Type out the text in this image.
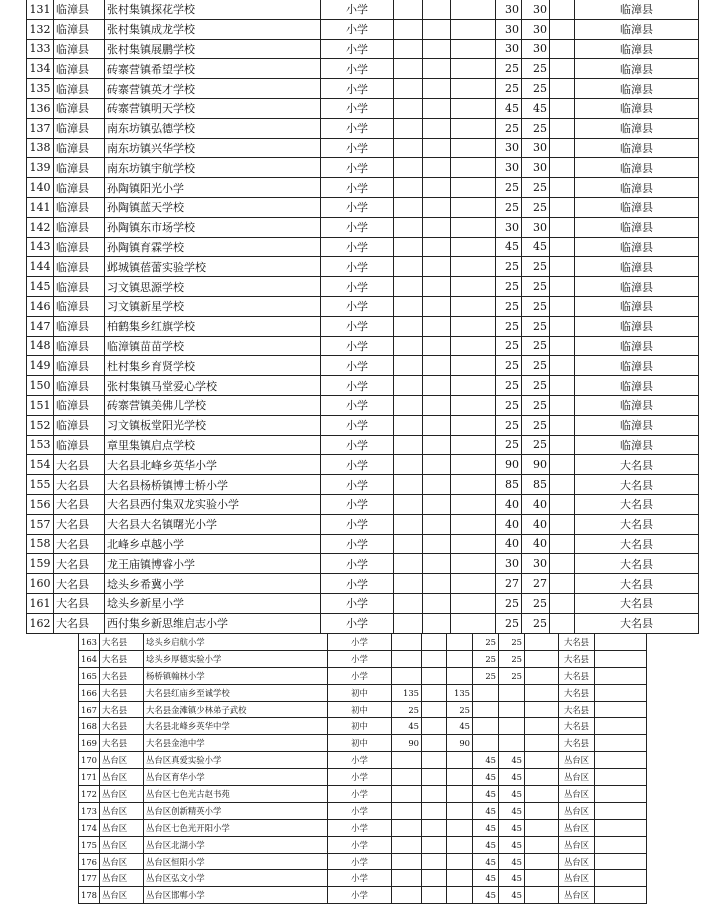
131	临漳县	张村集镇探花学校	小学				30	30		临漳县
132	临漳县	张村集镇成龙学校	小学				30	30		临漳县
133	临漳县	张村集镇展鹏学校	小学				30	30		临漳县
134	临漳县	砖寨营镇希望学校	小学				25	25		临漳县
135	临漳县	砖寨营镇英才学校	小学				25	25		临漳县
136	临漳县	砖寨营镇明天学校	小学				45	45		临漳县
137	临漳县	南东坊镇弘德学校	小学				25	25		临漳县
138	临漳县	南东坊镇兴华学校	小学				30	30		临漳县
139	临漳县	南东坊镇宇航学校	小学				30	30		临漳县
140	临漳县	孙陶镇阳光小学	小学				25	25		临漳县
141	临漳县	孙陶镇蓝天学校	小学				25	25		临漳县
142	临漳县	孙陶镇东市场学校	小学				30	30		临漳县
143	临漳县	孙陶镇育霖学校	小学				45	45		临漳县
144	临漳县	邺城镇蓓蕾实验学校	小学				25	25		临漳县
145	临漳县	习文镇思源学校	小学				25	25		临漳县
146	临漳县	习文镇新星学校	小学				25	25		临漳县
147	临漳县	柏鹤集乡红旗学校	小学				25	25		临漳县
148	临漳县	临漳镇苗苗学校	小学				25	25		临漳县
149	临漳县	杜村集乡育贤学校	小学				25	25		临漳县
150	临漳县	张村集镇马堂爱心学校	小学				25	25		临漳县
151	临漳县	砖寨营镇美佛儿学校	小学				25	25		临漳县
152	临漳县	习文镇板堂阳光学校	小学				25	25		临漳县
153	临漳县	章里集镇启点学校	小学				25	25		临漳县
154	大名县	大名县北峰乡英华小学	小学				90	90		大名县
155	大名县	大名县杨桥镇博士桥小学	小学				85	85		大名县
156	大名县	大名县西付集双龙实验小学	小学				40	40		大名县
157	大名县	大名县大名镇曙光小学	小学				40	40		大名县
158	大名县	北峰乡卓越小学	小学				40	40		大名县
159	大名县	龙王庙镇博睿小学	小学				30	30		大名县
160	大名县	埝头乡希冀小学	小学				27	27		大名县
161	大名县	埝头乡新星小学	小学				25	25		大名县
162	大名县	西付集乡新思维启志小学	小学				25	25		大名县
163	大名县	埝头乡启航小学	小学				25	25		大名县	
164	大名县	埝头乡厚德实验小学	小学				25	25		大名县	
165	大名县	杨桥镇翰林小学	小学				25	25		大名县	
166	大名县	大名县红庙乡至诚学校	初中	135		135				大名县	
167	大名县	大名县金滩镇少林弟子武校	初中	25		25				大名县	
168	大名县	大名县北峰乡英华中学	初中	45		45				大名县	
169	大名县	大名县金池中学	初中	90		90				大名县	
170	丛台区	丛台区真爱实验小学	小学				45	45		丛台区	
171	丛台区	丛台区育华小学	小学				45	45		丛台区	
172	丛台区	丛台区七色光古赵书苑	小学				45	45		丛台区	
173	丛台区	丛台区创新精英小学	小学				45	45		丛台区	
174	丛台区	丛台区七色光开阳小学	小学				45	45		丛台区	
175	丛台区	丛台区北湖小学	小学				45	45		丛台区	
176	丛台区	丛台区恒阳小学	小学				45	45		丛台区	
177	丛台区	丛台区弘文小学	小学				45	45		丛台区	
178	丛台区	丛台区邯郸小学	小学				45	45		丛台区	
